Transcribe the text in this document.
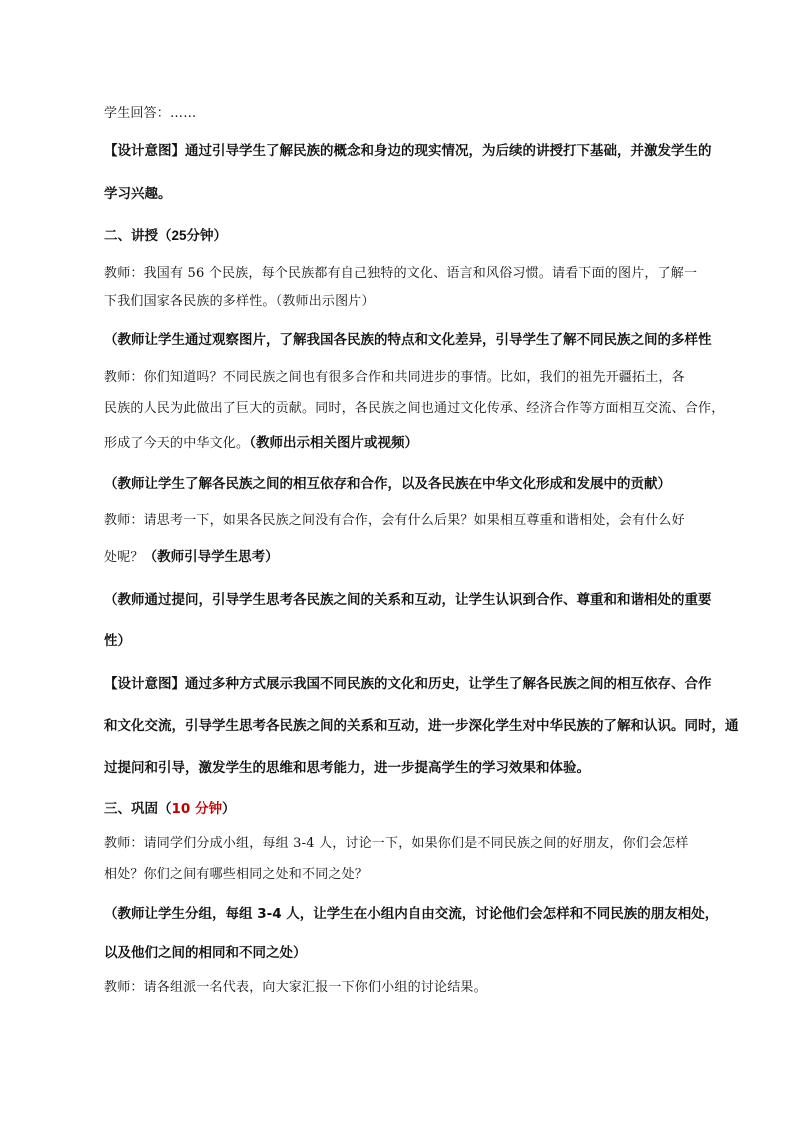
学生回答：……
【设计意图】通过引导学生了解民族的概念和身边的现实情况，为后续的讲授打下基础，并激发学生的
学习兴趣。
二、讲授（25分钟）
教师：我国有 56 个民族，每个民族都有自己独特的文化、语言和风俗习惯。请看下面的图片，了解一
下我们国家各民族的多样性。（教师出示图片）
（教师让学生通过观察图片，了解我国各民族的特点和文化差异，引导学生了解不同民族之间的多样性
教师：你们知道吗？不同民族之间也有很多合作和共同进步的事情。比如，我们的祖先开疆拓土，各
民族的人民为此做出了巨大的贡献。同时，各民族之间也通过文化传承、经济合作等方面相互交流、合作，
形成了今天的中华文化。（教师出示相关图片或视频）
（教师让学生了解各民族之间的相互依存和合作，以及各民族在中华文化形成和发展中的贡献）
教师：请思考一下，如果各民族之间没有合作，会有什么后果？如果相互尊重和谐相处，会有什么好
处呢？（教师引导学生思考）
（教师通过提问，引导学生思考各民族之间的关系和互动，让学生认识到合作、尊重和和谐相处的重要
性）
【设计意图】通过多种方式展示我国不同民族的文化和历史，让学生了解各民族之间的相互依存、合作
和文化交流，引导学生思考各民族之间的关系和互动，进一步深化学生对中华民族的了解和认识。同时，通
过提问和引导，激发学生的思维和思考能力，进一步提高学生的学习效果和体验。
三、巩固（10 分钟）
教师：请同学们分成小组，每组 3-4 人，讨论一下，如果你们是不同民族之间的好朋友，你们会怎样
相处？你们之间有哪些相同之处和不同之处？
（教师让学生分组，每组 3-4 人，让学生在小组内自由交流，讨论他们会怎样和不同民族的朋友相处，
以及他们之间的相同和不同之处）
教师：请各组派一名代表，向大家汇报一下你们小组的讨论结果。
